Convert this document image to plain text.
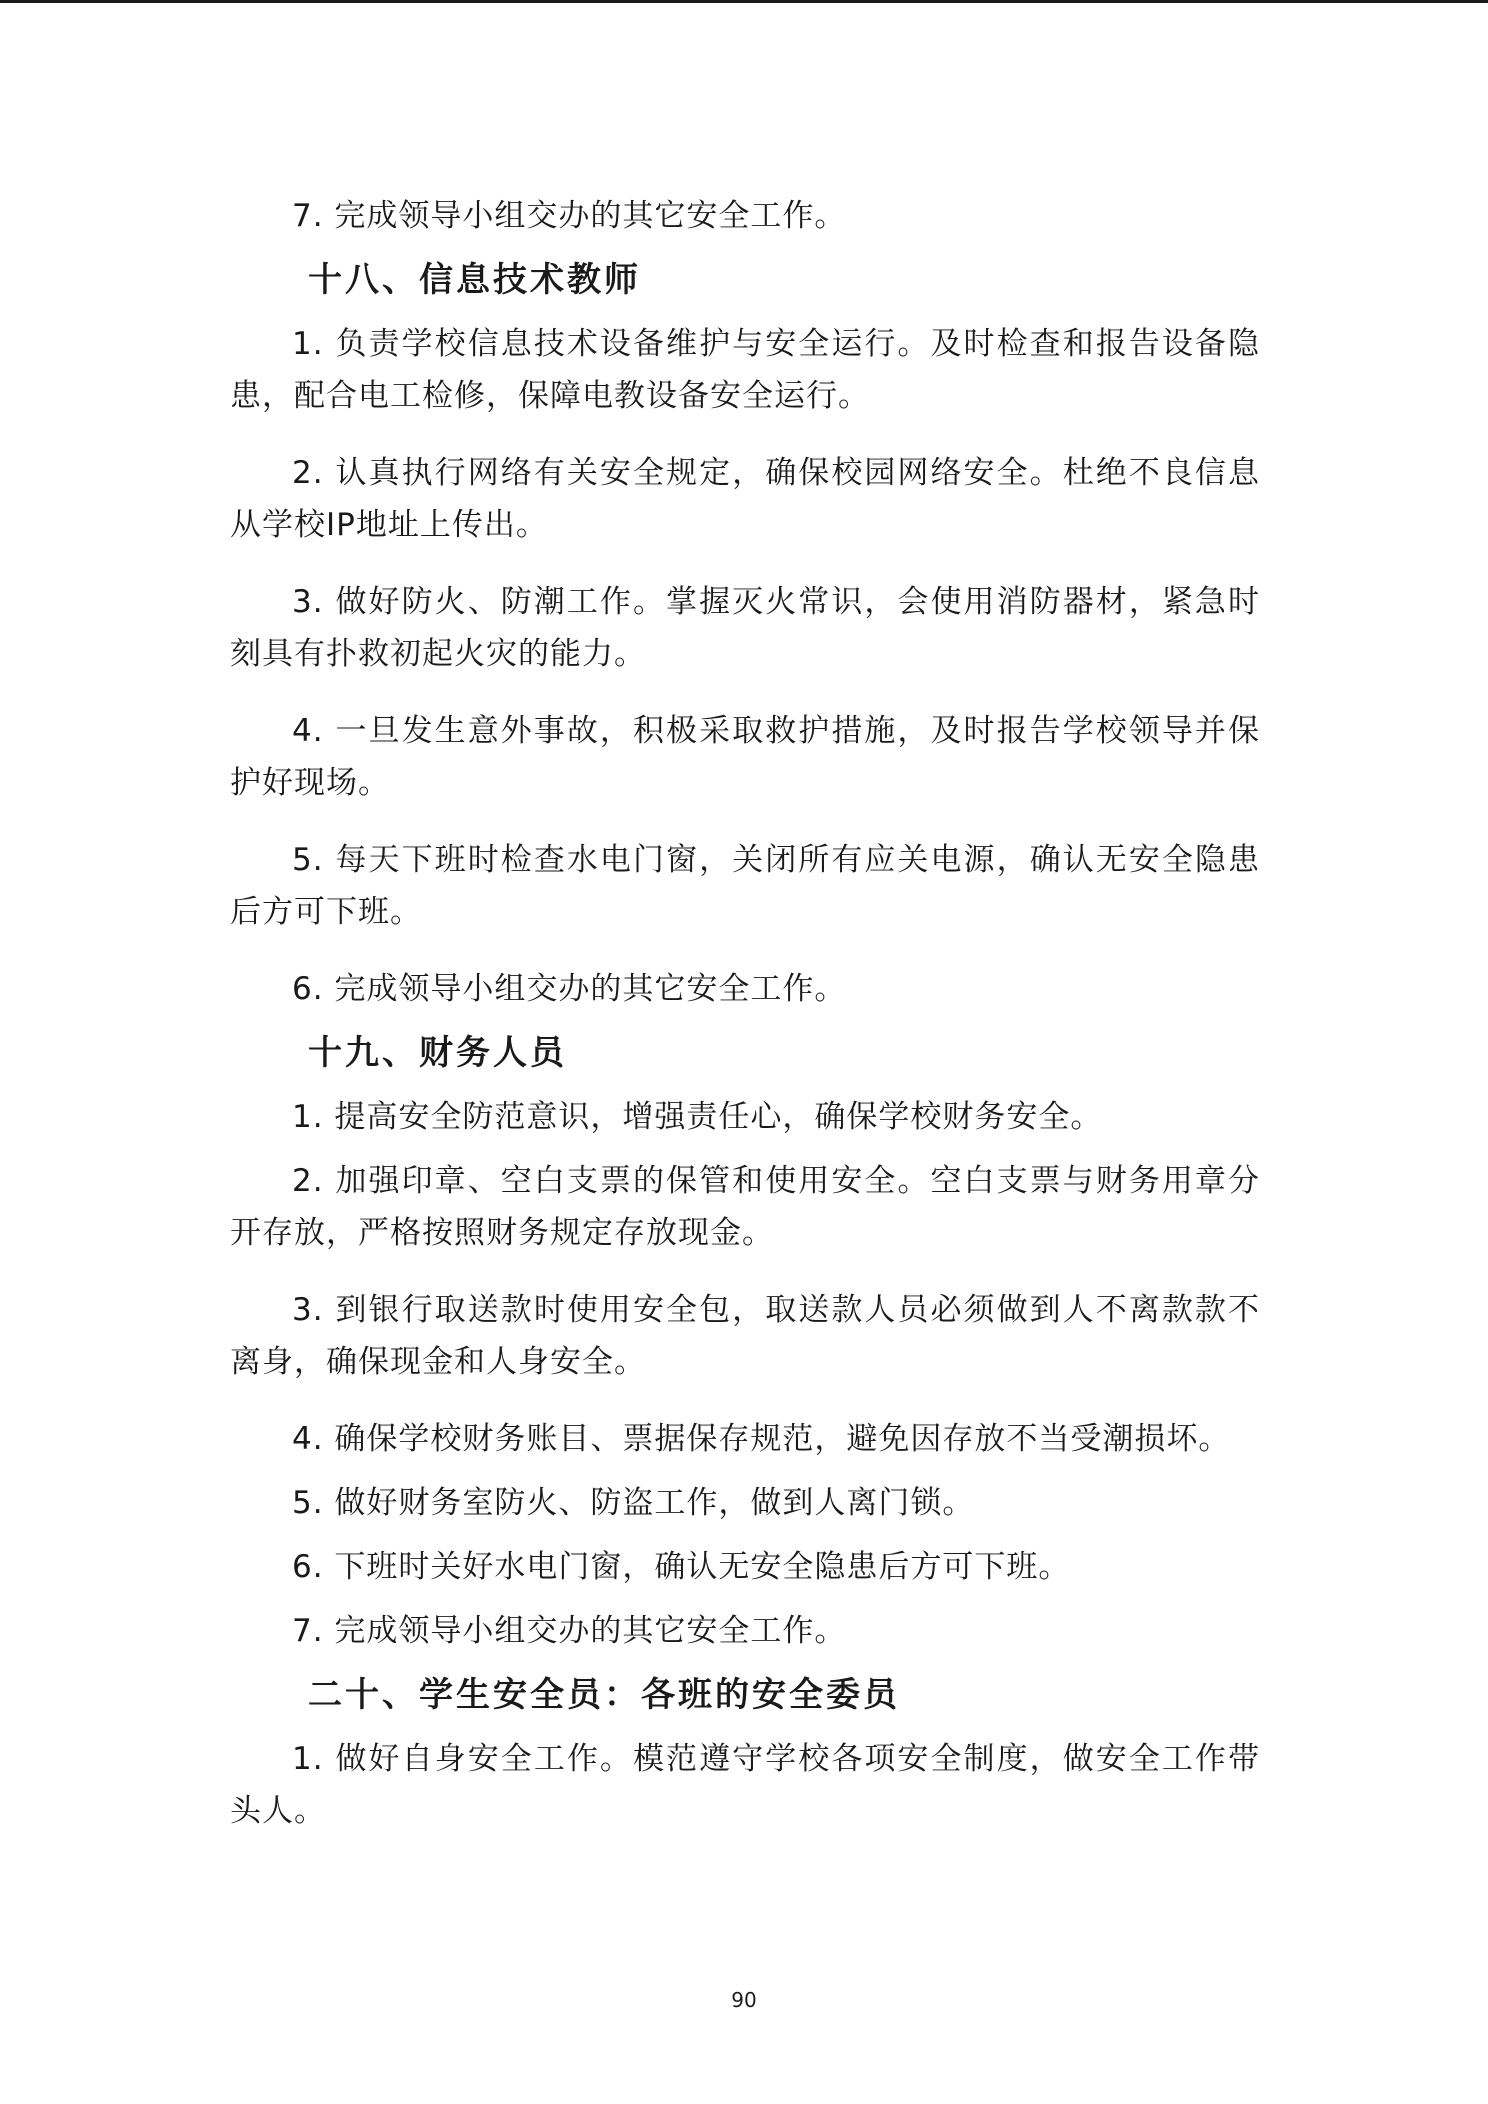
7. 完成领导小组交办的其它安全工作。

十八、信息技术教师

1. 负责学校信息技术设备维护与安全运行。及时检查和报告设备隐患，配合电工检修，保障电教设备安全运行。

2. 认真执行网络有关安全规定，确保校园网络安全。杜绝不良信息从学校IP地址上传出。

3. 做好防火、防潮工作。掌握灭火常识，会使用消防器材，紧急时刻具有扑救初起火灾的能力。

4. 一旦发生意外事故，积极采取救护措施，及时报告学校领导并保护好现场。

5. 每天下班时检查水电门窗，关闭所有应关电源，确认无安全隐患后方可下班。

6. 完成领导小组交办的其它安全工作。

十九、财务人员

1. 提高安全防范意识，增强责任心，确保学校财务安全。

2. 加强印章、空白支票的保管和使用安全。空白支票与财务用章分开存放，严格按照财务规定存放现金。

3. 到银行取送款时使用安全包，取送款人员必须做到人不离款款不离身，确保现金和人身安全。

4. 确保学校财务账目、票据保存规范，避免因存放不当受潮损坏。

5. 做好财务室防火、防盗工作，做到人离门锁。

6. 下班时关好水电门窗，确认无安全隐患后方可下班。

7. 完成领导小组交办的其它安全工作。

二十、学生安全员：各班的安全委员

1. 做好自身安全工作。模范遵守学校各项安全制度，做安全工作带头人。

90
